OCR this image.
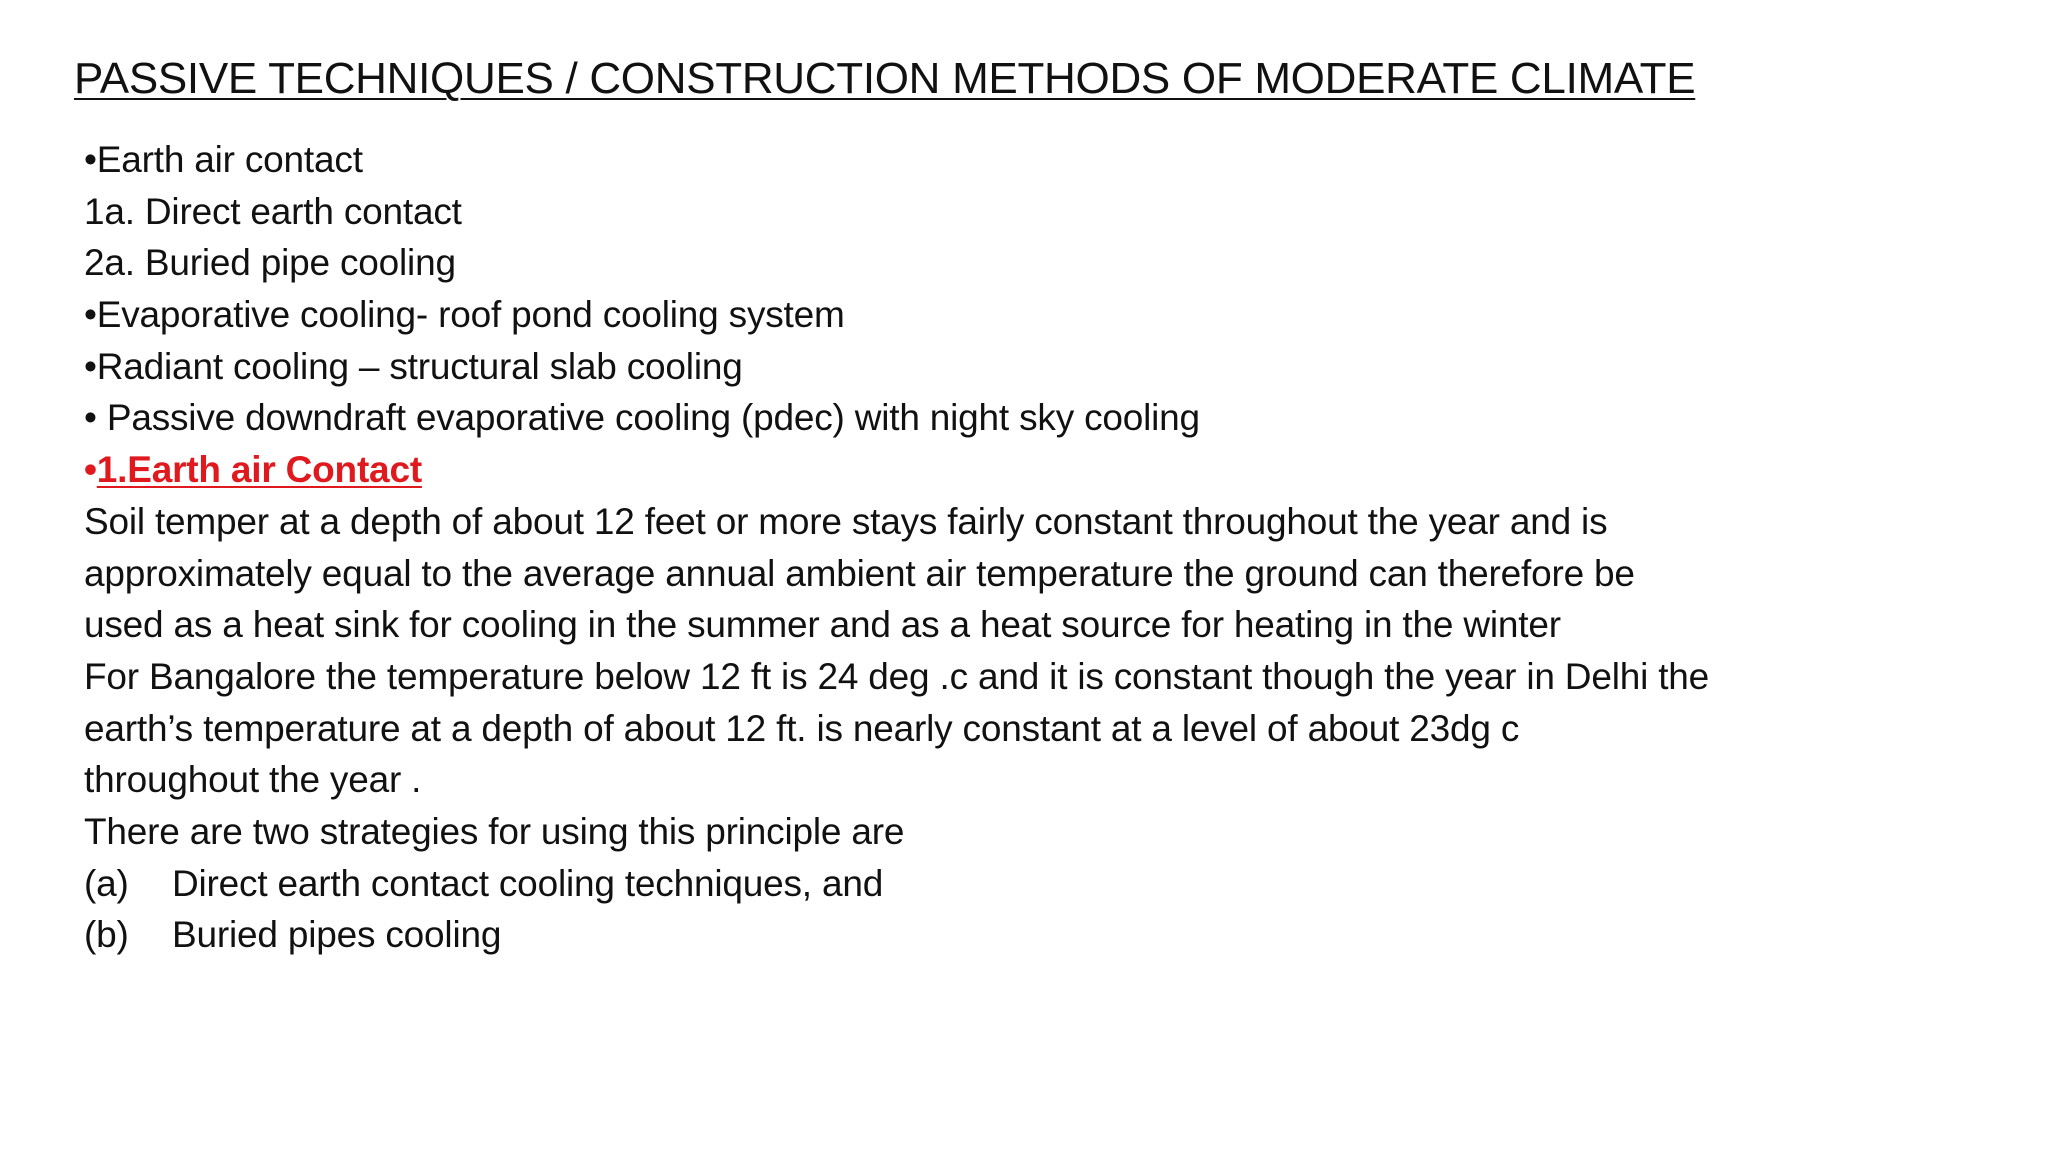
PASSIVE TECHNIQUES / CONSTRUCTION METHODS OF MODERATE CLIMATE
•Earth air contact
1a. Direct earth contact
2a. Buried pipe cooling
•Evaporative cooling- roof pond cooling system
•Radiant cooling – structural slab cooling
• Passive downdraft evaporative cooling (pdec) with night sky cooling
•1.Earth air Contact
Soil temper at a depth of about 12 feet or more stays fairly constant throughout the year and is
approximately equal to the average annual ambient air temperature the ground can therefore be
used as a heat sink for cooling in the summer and as a heat source for heating in the winter
For Bangalore the temperature below 12 ft is 24 deg .c and it is constant though the year in Delhi the
earth’s temperature at a depth of about 12 ft. is nearly constant at a level of about 23dg c
throughout the year .
There are two strategies for using this principle are
(a) Direct earth contact cooling techniques, and
(b) Buried pipes cooling
